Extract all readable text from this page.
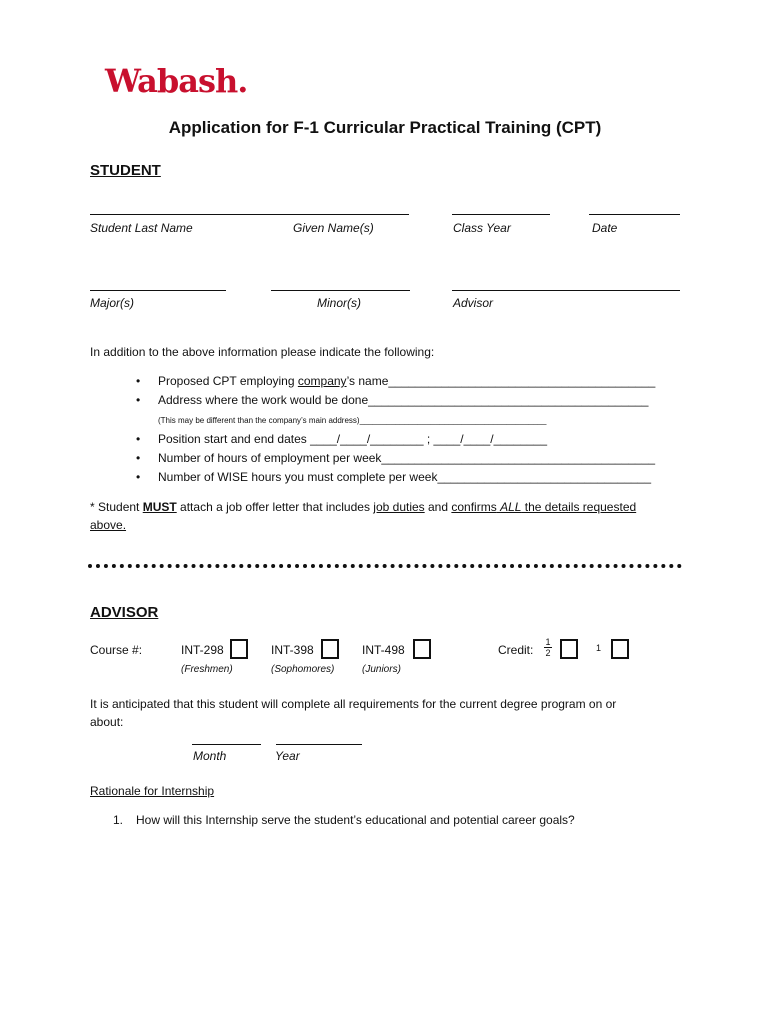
Wabash.
Application for F-1 Curricular Practical Training (CPT)
STUDENT
Student Last Name	Given Name(s)	Class Year	Date
Major(s)	Minor(s)	Advisor
In addition to the above information please indicate the following:
• Proposed CPT employing company’s name________________________________________
• Address where the work would be done__________________________________________
(This may be different than the company’s main address)__________________________________________
• Position start and end dates ____/____/________ ; ____/____/________
• Number of hours of employment per week_________________________________________
• Number of WISE hours you must complete per week________________________________
* Student MUST attach a job offer letter that includes job duties and confirms ALL the details requested
above.
ADVISOR
Course #:	INT-298
(Freshmen)
INT-398
(Sophomores)
INT-498
(Juniors)
Credit:
1
2	1
It is anticipated that this student will complete all requirements for the current degree program on or
about:
Month	Year
Rationale for Internship
1. How will this Internship serve the student’s educational and potential career goals?
